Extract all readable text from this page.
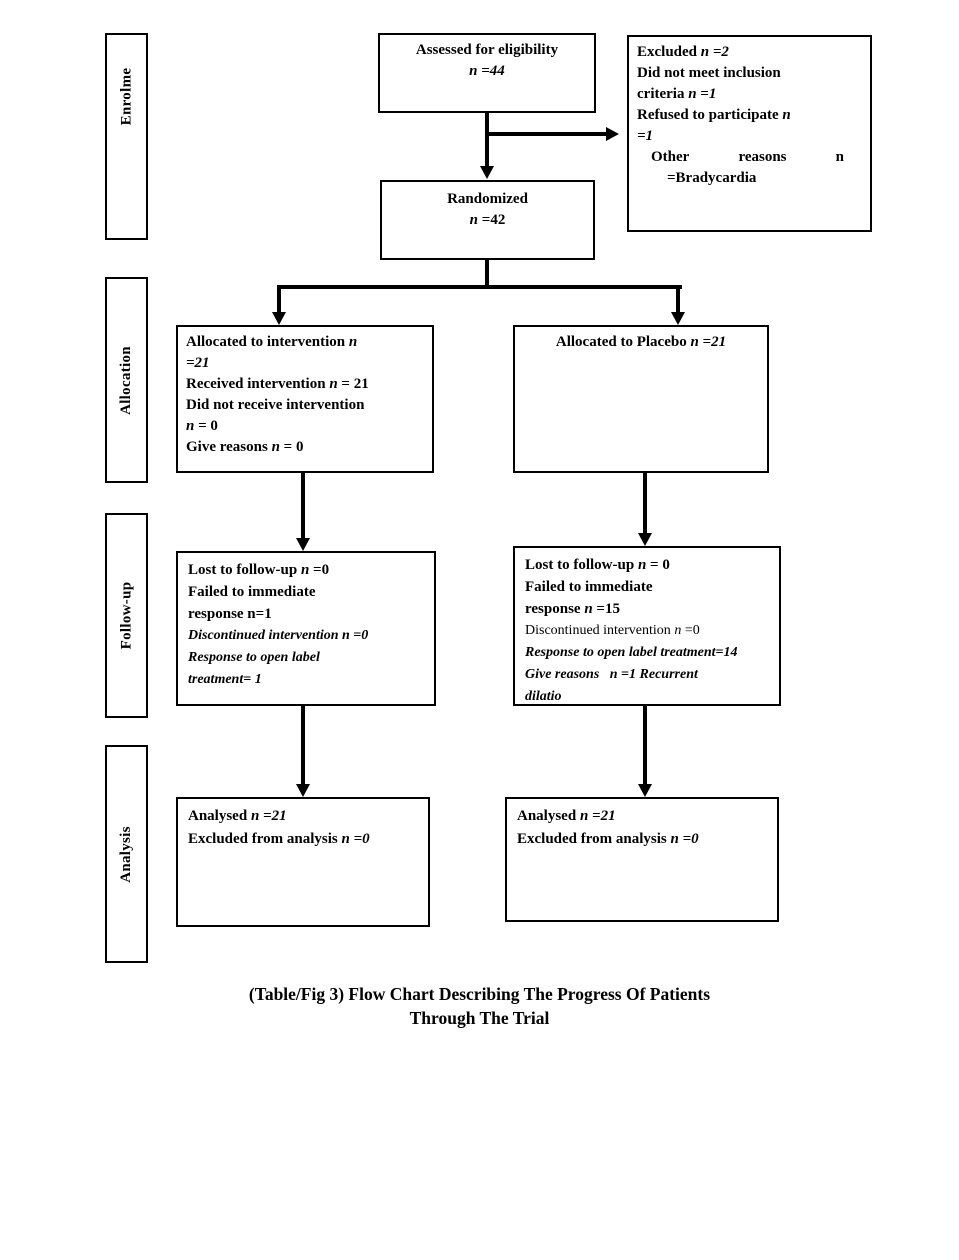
Enrolme
Allocation
Follow-up
Analysis
Assessed for eligibility
n =44
Excluded n =2
Did not meet inclusion
criteria n =1
Refused to participate n
=1
Other	reasons	n
=Bradycardia
Randomized
n =42
Allocated to intervention n
=21
Received intervention n = 21
Did not receive intervention
n = 0
Give reasons n = 0
Allocated to Placebo n =21
Lost to follow-up n =0
Failed to immediate
response n=1
Discontinued intervention n =0
Response to open label
treatment= 1
Lost to follow-up n = 0
Failed to immediate
response n =15
Discontinued intervention n =0
Response to open label treatment=14
Give reasons   n =1 Recurrent
dilatio
Analysed n =21
Excluded from analysis n =0
Analysed n =21
Excluded from analysis n =0
(Table/Fig 3) Flow Chart Describing The Progress Of Patients
Through The Trial
